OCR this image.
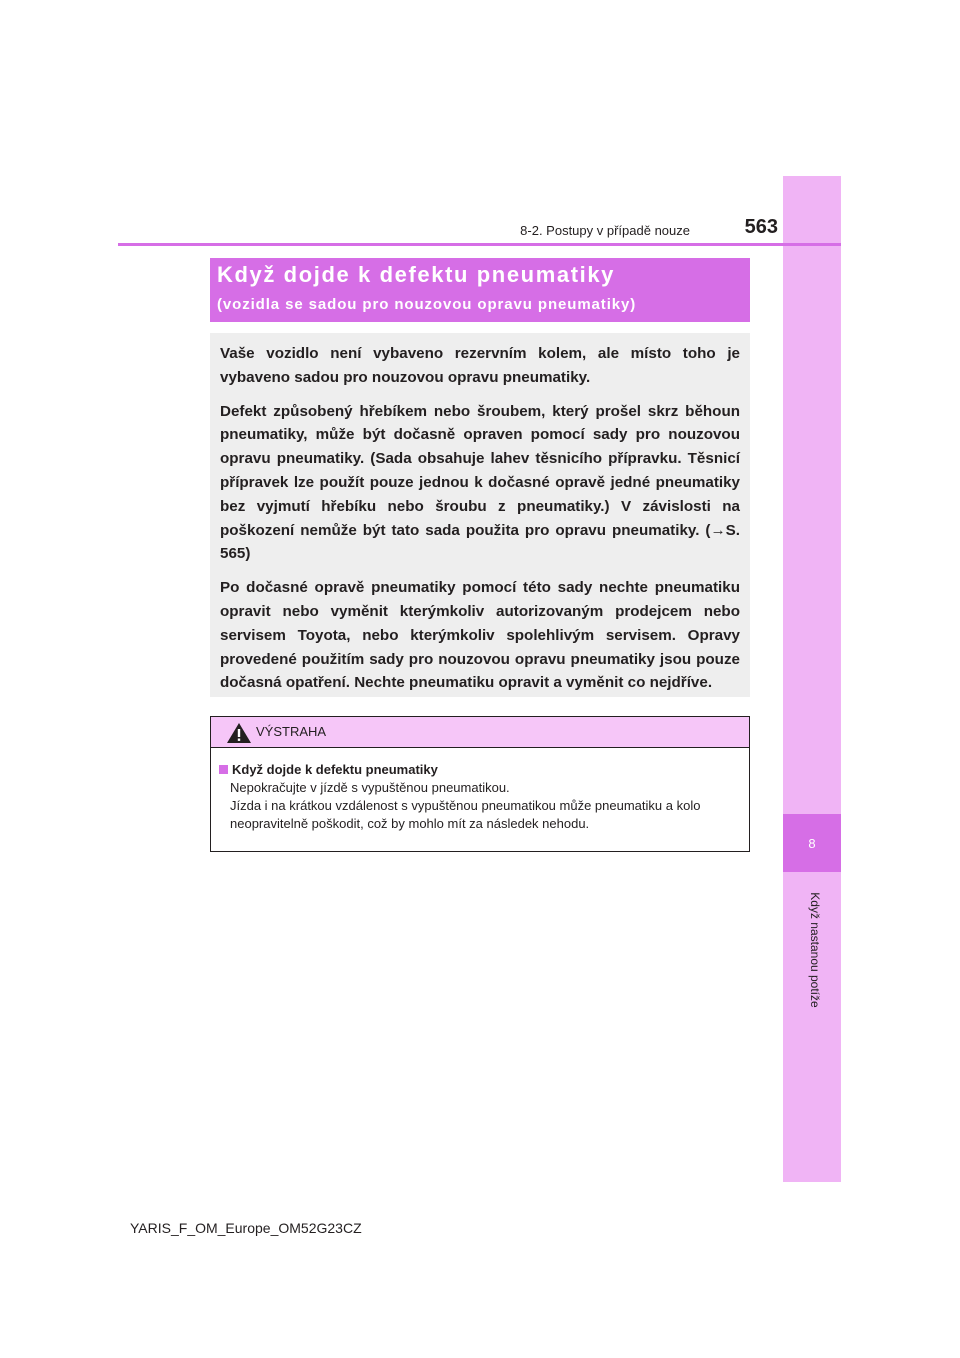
8
Když nastanou potíže
8-2. Postupy v případě nouze	563
Když dojde k defektu pneumatiky
(vozidla se sadou pro nouzovou opravu pneumatiky)

Vaše vozidlo není vybaveno rezervním kolem, ale místo toho je vybaveno sadou pro nouzovou opravu pneumatiky.

Defekt způsobený hřebíkem nebo šroubem, který prošel skrz běhoun pneumatiky, může být dočasně opraven pomocí sady pro nouzovou opravu pneumatiky. (Sada obsahuje lahev těsnicího přípravku. Těsnicí přípravek lze použít pouze jednou k dočasné opravě jedné pneumatiky bez vyjmutí hřebíku nebo šroubu z pneumatiky.) V závislosti na poškození nemůže být tato sada použita pro opravu pneumatiky. (→S. 565)

Po dočasné opravě pneumatiky pomocí této sady nechte pneumatiku opravit nebo vyměnit kterýmkoliv autorizovaným prodejcem nebo servisem Toyota, nebo kterýmkoliv spolehlivým servisem. Opravy provedené použitím sady pro nouzovou opravu pneumatiky jsou pouze dočasná opatření. Nechte pneumatiku opravit a vyměnit co nejdříve.

VÝSTRAHA
Když dojde k defektu pneumatiky
Nepokračujte v jízdě s vypuštěnou pneumatikou.
Jízda i na krátkou vzdálenost s vypuštěnou pneumatikou může pneumatiku a kolo neopravitelně poškodit, což by mohlo mít za následek nehodu.
YARIS_F_OM_Europe_OM52G23CZ
